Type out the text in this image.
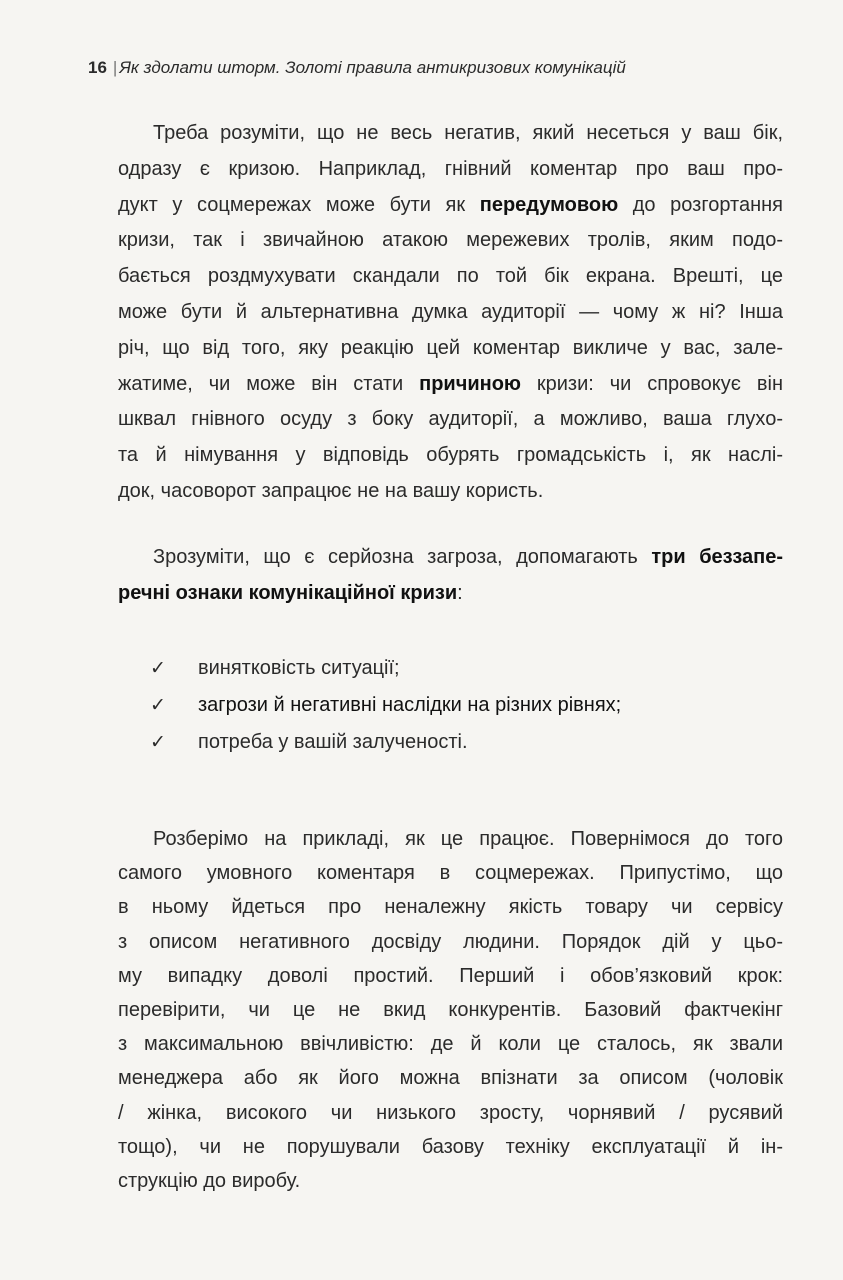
16 | Як здолати шторм. Золоті правила антикризових комунікацій
Треба розуміти, що не весь негатив, який несеться у ваш бік,
одразу є кризою. Наприклад, гнівний коментар про ваш про-
дукт у соцмережах може бути як передумовою до розгортання
кризи, так і звичайною атакою мережевих тролів, яким подо-
бається роздмухувати скандали по той бік екрана. Врешті, це
може бути й альтернативна думка аудиторії — чому ж ні? Інша
річ, що від того, яку реакцію цей коментар викличе у вас, зале-
жатиме, чи може він стати причиною кризи: чи спровокує він
шквал гнівного осуду з боку аудиторії, а можливо, ваша глухо-
та й німування у відповідь обурять громадськість і, як наслі-
док, часоворот запрацює не на вашу користь.
Зрозуміти, що є серйозна загроза, допомагають три беззапе-
речні ознаки комунікаційної кризи:
✓	винятковість ситуації;
✓	загрози й негативні наслідки на різних рівнях;
✓	потреба у вашій залученості.
Розберімо на прикладі, як це працює. Повернімося до того
самого умовного коментаря в соцмережах. Припустімо, що
в ньому йдеться про неналежну якість товару чи сервісу
з описом негативного досвіду людини. Порядок дій у цьо-
му випадку доволі простий. Перший і обов’язковий крок:
перевірити, чи це не вкид конкурентів. Базовий фактчекінг
з максимальною ввічливістю: де й коли це сталось, як звали
менеджера або як його можна впізнати за описом (чоловік
/ жінка, високого чи низького зросту, чорнявий / русявий
тощо), чи не порушували базову техніку експлуатації й ін-
струкцію до виробу.
